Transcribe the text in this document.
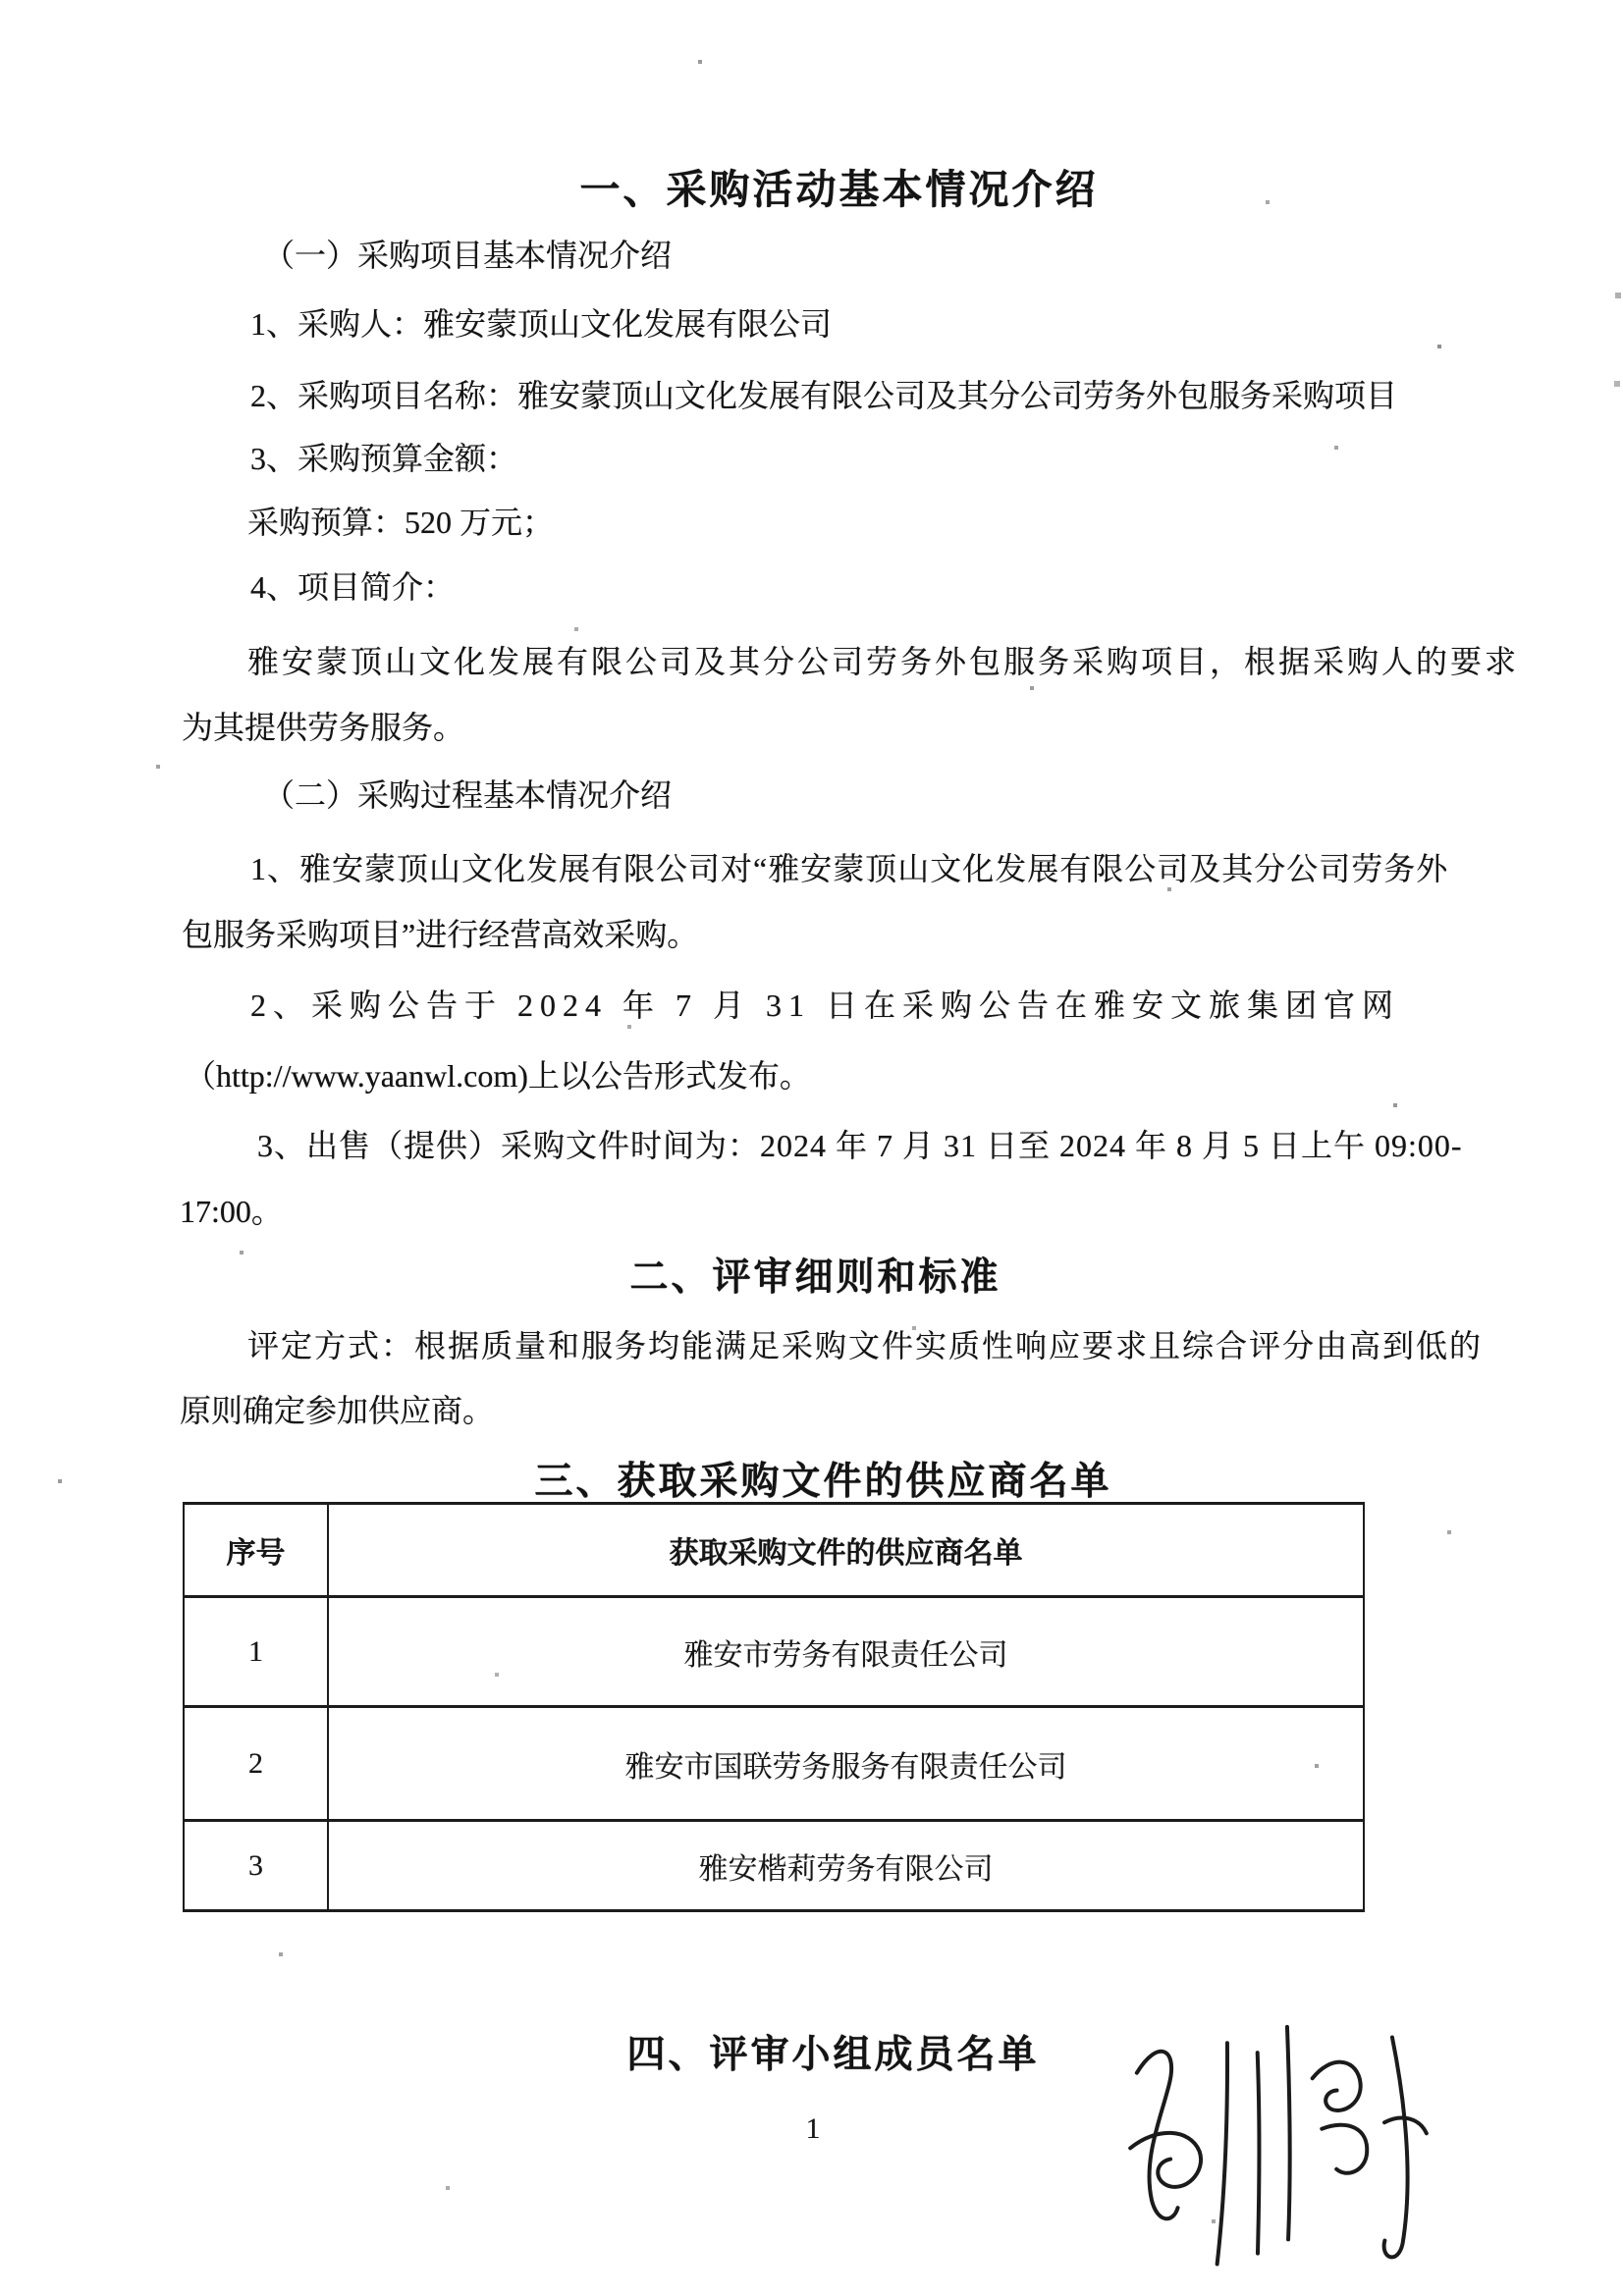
一、采购活动基本情况介绍
（一）采购项目基本情况介绍
1、采购人：雅安蒙顶山文化发展有限公司
2、采购项目名称：雅安蒙顶山文化发展有限公司及其分公司劳务外包服务采购项目
3、采购预算金额：
采购预算：520 万元；
4、项目简介：
雅安蒙顶山文化发展有限公司及其分公司劳务外包服务采购项目，根据采购人的要求
为其提供劳务服务。
（二）采购过程基本情况介绍
1、雅安蒙顶山文化发展有限公司对“雅安蒙顶山文化发展有限公司及其分公司劳务外
包服务采购项目”进行经营高效采购。
2、采购公告于 2024 年 7 月 31 日在采购公告在雅安文旅集团官网
（http://www.yaanwl.com)上以公告形式发布。
3、出售（提供）采购文件时间为：2024 年 7 月 31 日至 2024 年 8 月 5 日上午 09:00-
17:00。
二、评审细则和标准
评定方式：根据质量和服务均能满足采购文件实质性响应要求且综合评分由高到低的
原则确定参加供应商。
三、获取采购文件的供应商名单
序号	获取采购文件的供应商名单
1	雅安市劳务有限责任公司
2	雅安市国联劳务服务有限责任公司
3	雅安楷莉劳务有限公司
四、评审小组成员名单
1
